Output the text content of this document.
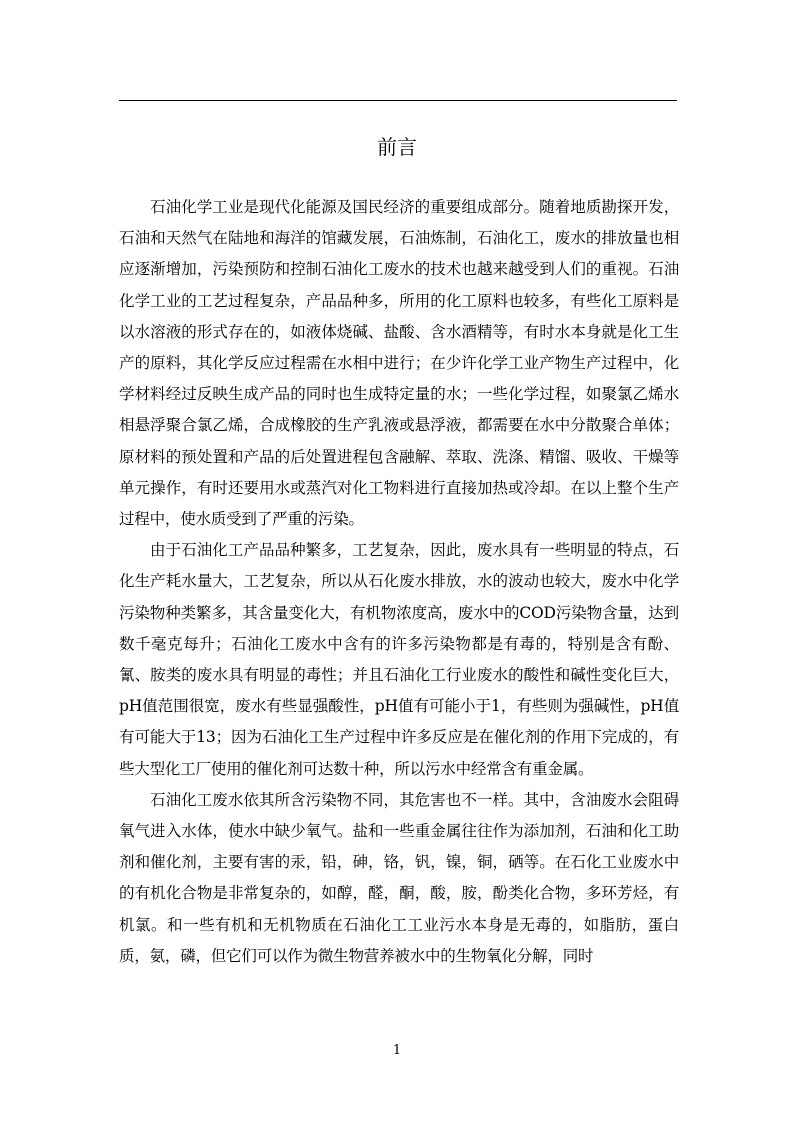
前言

石油化学工业是现代化能源及国民经济的重要组成部分。随着地质勘探开发，石油和天然气在陆地和海洋的馆藏发展，石油炼制，石油化工，废水的排放量也相应逐渐增加，污染预防和控制石油化工废水的技术也越来越受到人们的重视。石油化学工业的工艺过程复杂，产品品种多，所用的化工原料也较多，有些化工原料是以水溶液的形式存在的，如液体烧碱、盐酸、含水酒精等，有时水本身就是化工生产的原料，其化学反应过程需在水相中进行；在少许化学工业产物生产过程中，化学材料经过反映生成产品的同时也生成特定量的水；一些化学过程，如聚氯乙烯水相悬浮聚合氯乙烯，合成橡胶的生产乳液或悬浮液，都需要在水中分散聚合单体；原材料的预处置和产品的后处置进程包含融解、萃取、洗涤、精馏、吸收、干燥等单元操作，有时还要用水或蒸汽对化工物料进行直接加热或冷却。在以上整个生产过程中，使水质受到了严重的污染。

由于石油化工产品品种繁多，工艺复杂，因此，废水具有一些明显的特点，石化生产耗水量大，工艺复杂，所以从石化废水排放，水的波动也较大，废水中化学污染物种类繁多，其含量变化大，有机物浓度高，废水中的COD污染物含量，达到数千毫克每升；石油化工废水中含有的许多污染物都是有毒的，特别是含有酚、氰、胺类的废水具有明显的毒性；并且石油化工行业废水的酸性和碱性变化巨大，pH值范围很宽，废水有些显强酸性，pH值有可能小于1，有些则为强碱性，pH值有可能大于13；因为石油化工生产过程中许多反应是在催化剂的作用下完成的，有些大型化工厂使用的催化剂可达数十种，所以污水中经常含有重金属。

石油化工废水依其所含污染物不同，其危害也不一样。其中，含油废水会阻碍氧气进入水体，使水中缺少氧气。盐和一些重金属往往作为添加剂，石油和化工助剂和催化剂，主要有害的汞，铅，砷，铬，钒，镍，铜，硒等。在石化工业废水中的有机化合物是非常复杂的，如醇，醛，酮，酸，胺，酚类化合物，多环芳烃，有机氯。和一些有机和无机物质在石油化工工业污水本身是无毒的，如脂肪，蛋白质，氨，磷，但它们可以作为微生物营养被水中的生物氧化分解，同时

1
